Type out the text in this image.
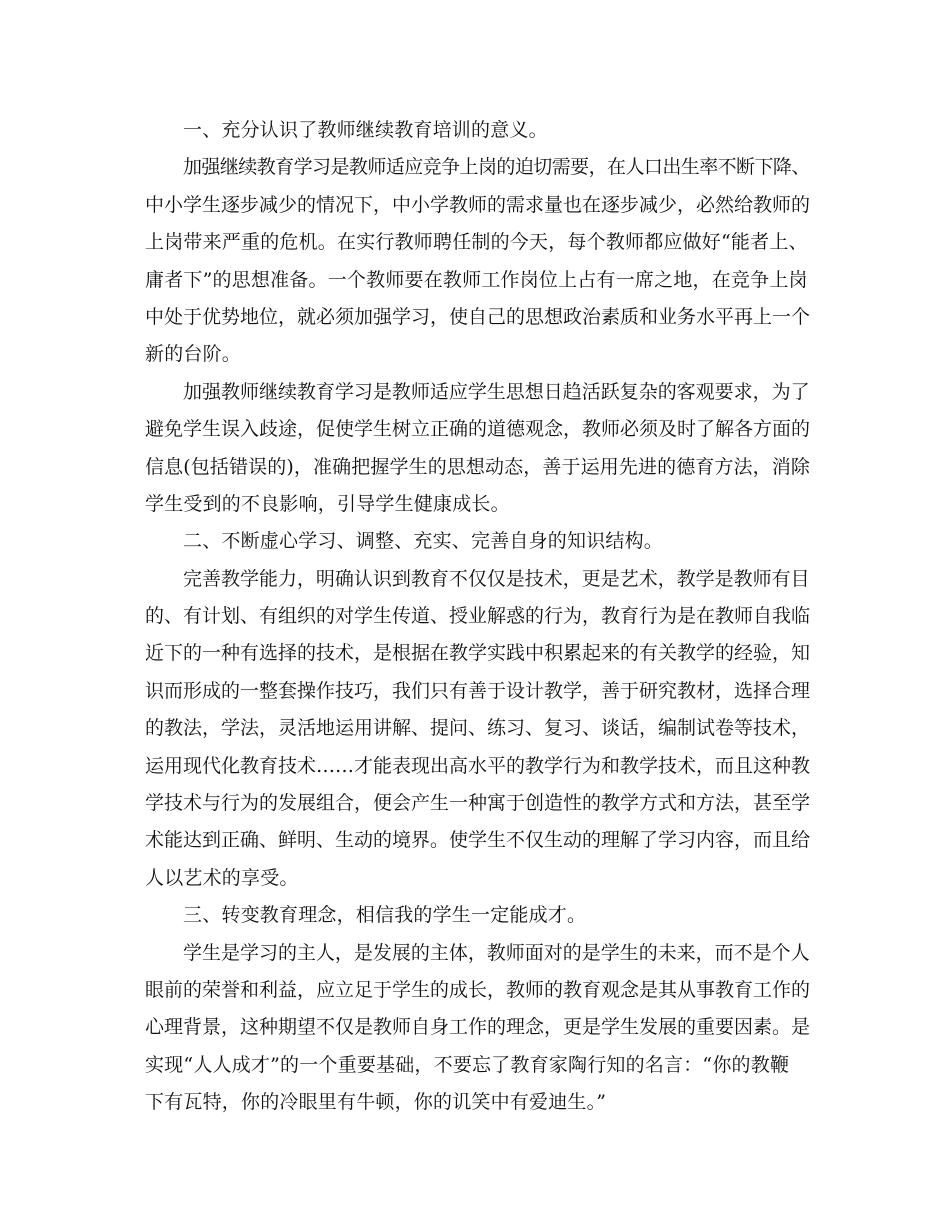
一、充分认识了教师继续教育培训的意义。
加强继续教育学习是教师适应竞争上岗的迫切需要，在人口出生率不断下降、
中小学生逐步减少的情况下，中小学教师的需求量也在逐步减少，必然给教师的
上岗带来严重的危机。在实行教师聘任制的今天，每个教师都应做好“能者上、
庸者下”的思想准备。一个教师要在教师工作岗位上占有一席之地，在竞争上岗
中处于优势地位，就必须加强学习，使自己的思想政治素质和业务水平再上一个
新的台阶。
加强教师继续教育学习是教师适应学生思想日趋活跃复杂的客观要求，为了
避免学生误入歧途，促使学生树立正确的道德观念，教师必须及时了解各方面的
信息(包括错误的)，准确把握学生的思想动态，善于运用先进的德育方法，消除
学生受到的不良影响，引导学生健康成长。
二、不断虚心学习、调整、充实、完善自身的知识结构。
完善教学能力，明确认识到教育不仅仅是技术，更是艺术，教学是教师有目
的、有计划、有组织的对学生传道、授业解惑的行为，教育行为是在教师自我临
近下的一种有选择的技术，是根据在教学实践中积累起来的有关教学的经验，知
识而形成的一整套操作技巧，我们只有善于设计教学，善于研究教材，选择合理
的教法，学法，灵活地运用讲解、提问、练习、复习、谈话，编制试卷等技术，
运用现代化教育技术……才能表现出高水平的教学行为和教学技术，而且这种教
学技术与行为的发展组合，便会产生一种寓于创造性的教学方式和方法，甚至学
术能达到正确、鲜明、生动的境界。使学生不仅生动的理解了学习内容，而且给
人以艺术的享受。
三、转变教育理念，相信我的学生一定能成才。
学生是学习的主人，是发展的主体，教师面对的是学生的未来，而不是个人
眼前的荣誉和利益，应立足于学生的成长，教师的教育观念是其从事教育工作的
心理背景，这种期望不仅是教师自身工作的理念，更是学生发展的重要因素。是
实现“人人成才”的一个重要基础，不要忘了教育家陶行知的名言：“你的教鞭
下有瓦特，你的冷眼里有牛顿，你的讥笑中有爱迪生。”
